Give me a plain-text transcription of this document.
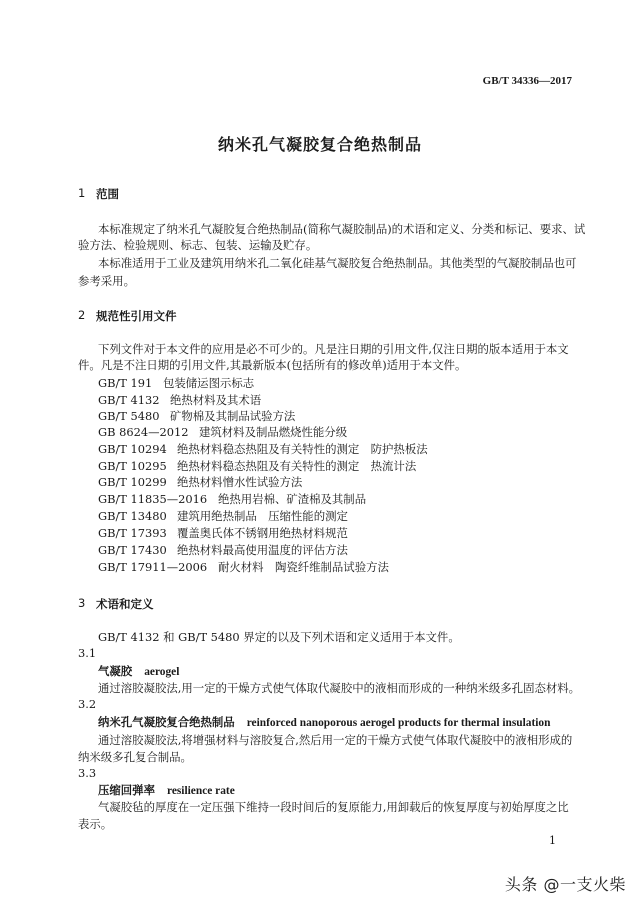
GB/T 34336—2017
纳米孔气凝胶复合绝热制品
1 范围
本标准规定了纳米孔气凝胶复合绝热制品(简称气凝胶制品)的术语和定义、分类和标记、要求、试
验方法、检验规则、标志、包装、运输及贮存。
本标准适用于工业及建筑用纳米孔二氧化硅基气凝胶复合绝热制品。其他类型的气凝胶制品也可
参考采用。
2 规范性引用文件
下列文件对于本文件的应用是必不可少的。凡是注日期的引用文件,仅注日期的版本适用于本文
件。凡是不注日期的引用文件,其最新版本(包括所有的修改单)适用于本文件。
GB/T 191 包装储运图示标志
GB/T 4132 绝热材料及其术语
GB/T 5480 矿物棉及其制品试验方法
GB 8624—2012 建筑材料及制品燃烧性能分级
GB/T 10294 绝热材料稳态热阻及有关特性的测定　防护热板法
GB/T 10295 绝热材料稳态热阻及有关特性的测定　热流计法
GB/T 10299 绝热材料憎水性试验方法
GB/T 11835—2016 绝热用岩棉、矿渣棉及其制品
GB/T 13480 建筑用绝热制品　压缩性能的测定
GB/T 17393 覆盖奥氏体不锈钢用绝热材料规范
GB/T 17430 绝热材料最高使用温度的评估方法
GB/T 17911—2006 耐火材料　陶瓷纤维制品试验方法
3 术语和定义
GB/T 4132 和 GB/T 5480 界定的以及下列术语和定义适用于本文件。
3.1
气凝胶 aerogel
通过溶胶凝胶法,用一定的干燥方式使气体取代凝胶中的液相而形成的一种纳米级多孔固态材料。
3.2
纳米孔气凝胶复合绝热制品 reinforced nanoporous aerogel products for thermal insulation
通过溶胶凝胶法,将增强材料与溶胶复合,然后用一定的干燥方式使气体取代凝胶中的液相形成的
纳米级多孔复合制品。
3.3
压缩回弹率 resilience rate
气凝胶毡的厚度在一定压强下维持一段时间后的复原能力,用卸载后的恢复厚度与初始厚度之比
表示。
1
头条 @一支火柴
